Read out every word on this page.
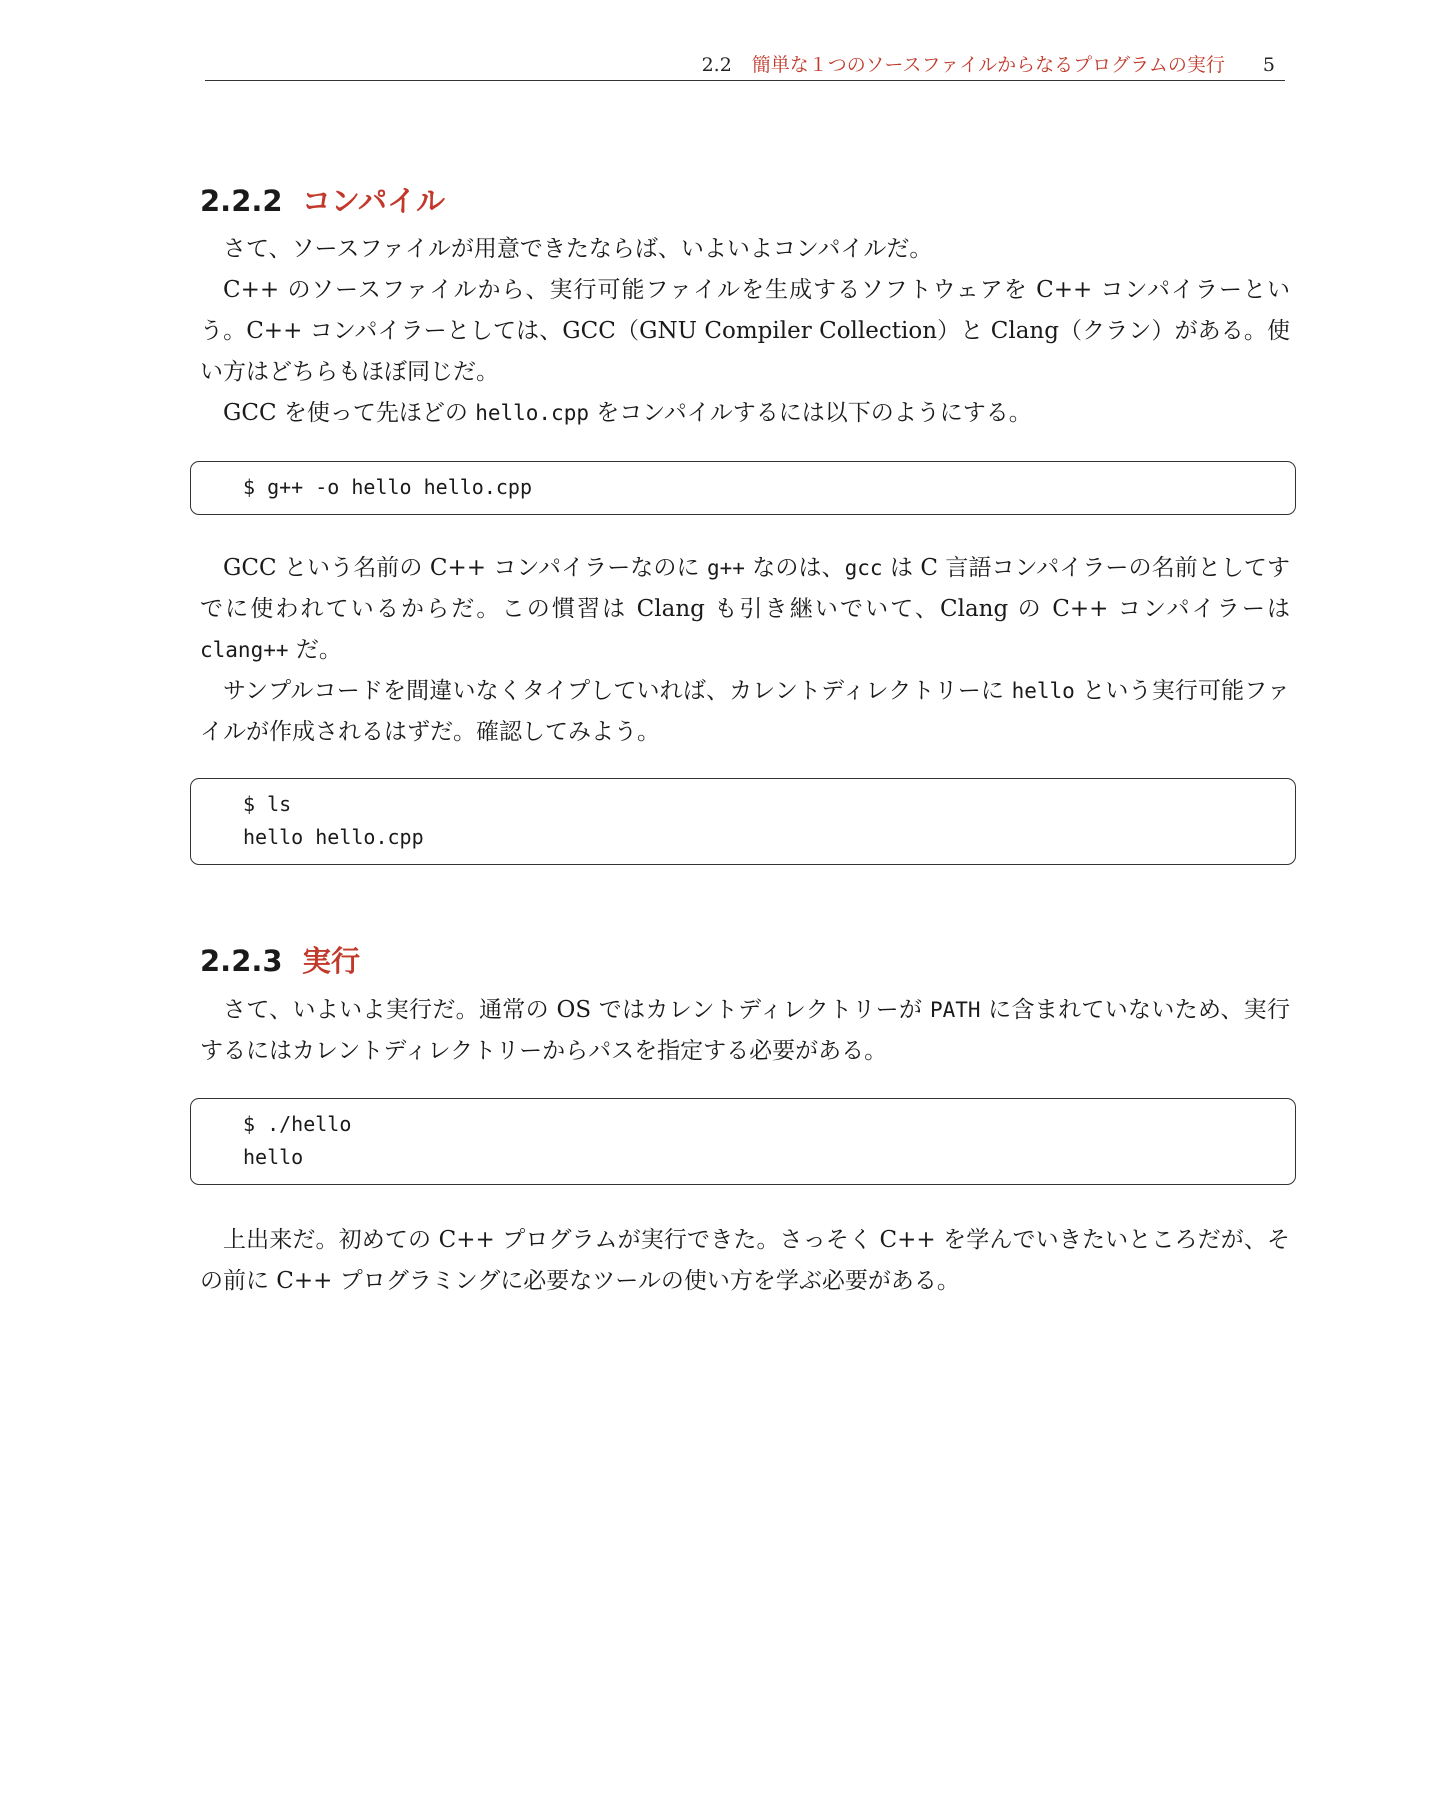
2.2 簡単な１つのソースファイルからなるプログラムの実行 5
2.2.2 コンパイル

さて、ソースファイルが用意できたならば、いよいよコンパイルだ。

C++ のソースファイルから、実行可能ファイルを生成するソフトウェアを C++ コンパイラーという。C++ コンパイラーとしては、GCC（GNU Compiler Collection）と Clang（クラン）がある。使い方はどちらもほぼ同じだ。

GCC を使って先ほどの hello.cpp をコンパイルするには以下のようにする。

$ g++ -o hello hello.cpp

GCC という名前の C++ コンパイラーなのに g++ なのは、gcc は C 言語コンパイラーの名前としてすでに使われているからだ。この慣習は Clang も引き継いでいて、Clang の C++ コンパイラーは clang++ だ。

サンプルコードを間違いなくタイプしていれば、カレントディレクトリーに hello という実行可能ファイルが作成されるはずだ。確認してみよう。

$ ls
hello hello.cpp
2.2.3 実行

さて、いよいよ実行だ。通常の OS ではカレントディレクトリーが PATH に含まれていないため、実行するにはカレントディレクトリーからパスを指定する必要がある。

$ ./hello
hello

上出来だ。初めての C++ プログラムが実行できた。さっそく C++ を学んでいきたいところだが、その前に C++ プログラミングに必要なツールの使い方を学ぶ必要がある。
